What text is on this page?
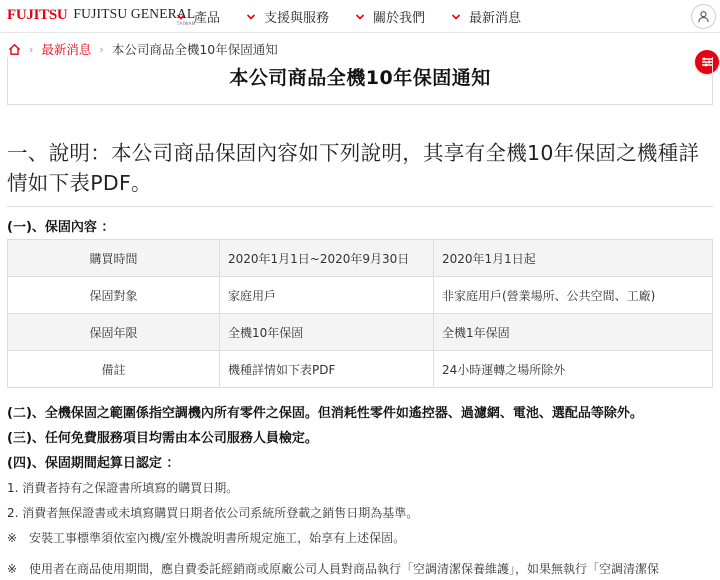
FUJITSU FUJITSU GENERAL
TAIWAN
產品	支援與服務	關於我們	最新消息
› 最新消息 › 本公司商品全機10年保固通知
本公司商品全機10年保固通知
一、說明：本公司商品保固內容如下列說明，其享有全機10年保固之機種詳情如下表PDF。
(一)、保固內容 ：
購買時間	2020年1月1日~2020年9月30日	2020年1月1日起
保固對象	家庭用戶	非家庭用戶(營業場所、公共空間、工廠)
保固年限	全機10年保固	全機1年保固
備註	機種詳情如下表PDF	24小時運轉之場所除外
(二)、全機保固之範圍係指空調機內所有零件之保固。但消耗性零件如遙控器、過濾網、電池、選配品等除外。
(三)、任何免費服務項目均需由本公司服務人員檢定。
(四)、保固期間起算日認定 ：
1. 消費者持有之保證書所填寫的購買日期。
2. 消費者無保證書或未填寫購買日期者依公司系統所登載之銷售日期為基準。
※　安裝工事標準須依室內機/室外機說明書所規定施工，始享有上述保固。
※　使用者在商品使用期間，應自費委託經銷商或原廠公司人員對商品執行「空調清潔保養維護」，如果無執行「空調清潔保
